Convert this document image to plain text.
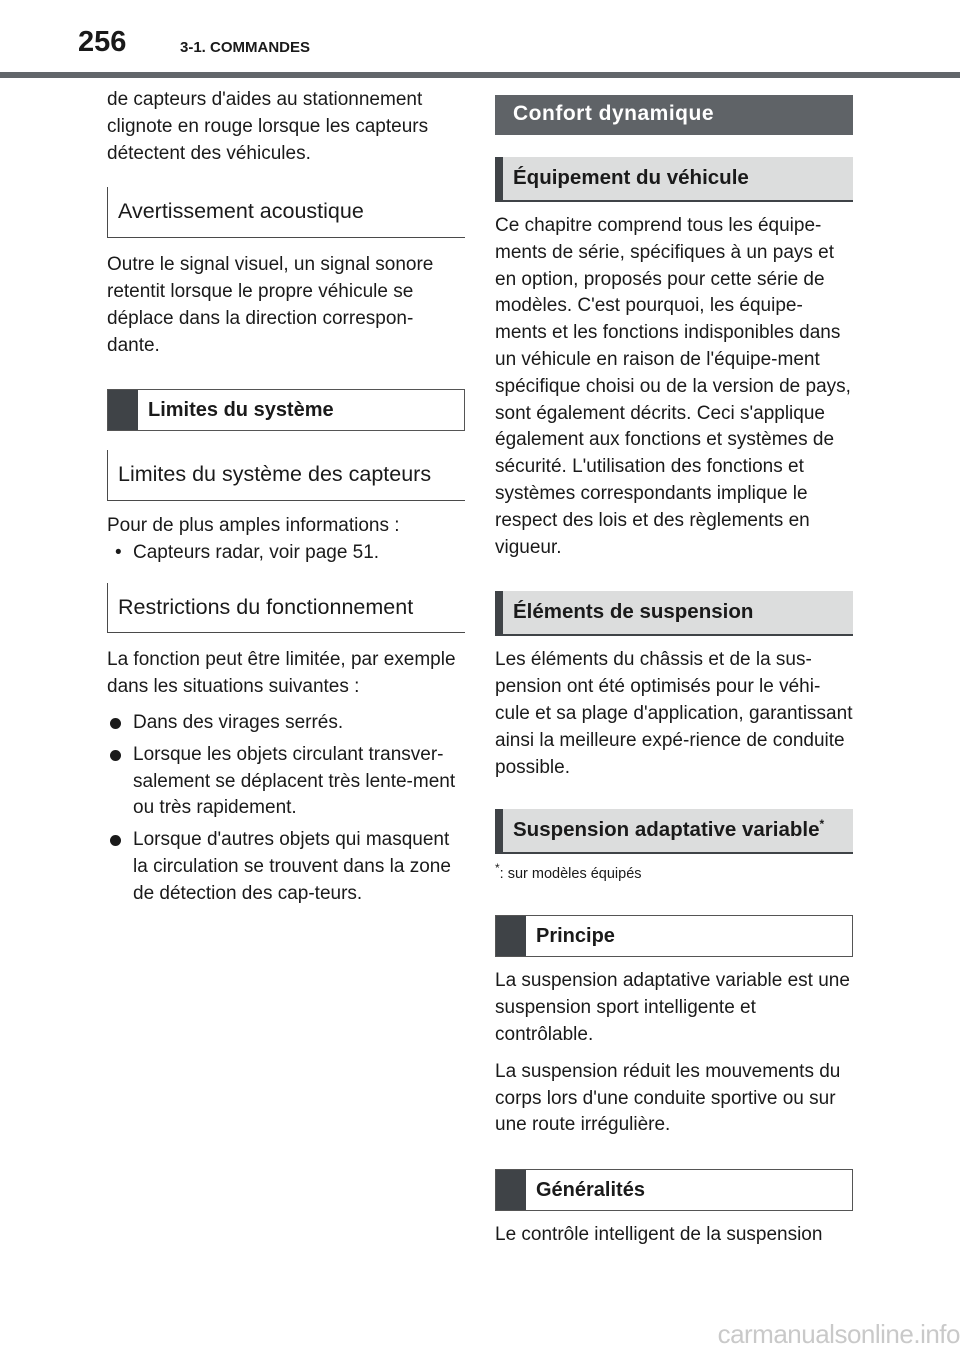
256	3-1. COMMANDES

de capteurs d'aides au stationnement clignote en rouge lorsque les capteurs détectent des véhicules.

Avertissement acoustique

Outre le signal visuel, un signal sonore retentit lorsque le propre véhicule se déplace dans la direction correspon-dante.

Limites du système
Limites du système des capteurs

Pour de plus amples informations :

• Capteurs radar, voir page 51.
Restrictions du fonctionnement

La fonction peut être limitée, par exemple dans les situations suivantes :

Dans des virages serrés.
Lorsque les objets circulant transver-salement se déplacent très lente-ment ou très rapidement.
Lorsque d'autres objets qui masquent la circulation se trouvent dans la zone de détection des cap-teurs.
Confort dynamique
Équipement du véhicule

Ce chapitre comprend tous les équipe-ments de série, spécifiques à un pays et en option, proposés pour cette série de modèles. C'est pourquoi, les équipe-ments et les fonctions indisponibles dans un véhicule en raison de l'équipe-ment spécifique choisi ou de la version de pays, sont également décrits. Ceci s'applique également aux fonctions et systèmes de sécurité. L'utilisation des fonctions et systèmes correspondants implique le respect des lois et des règlements en vigueur.

Éléments de suspension

Les éléments du châssis et de la sus-pension ont été optimisés pour le véhi-cule et sa plage d'application, garantissant ainsi la meilleure expé-rience de conduite possible.

Suspension adaptative variable*
*: sur modèles équipés
Principe

La suspension adaptative variable est une suspension sport intelligente et contrôlable.

La suspension réduit les mouvements du corps lors d'une conduite sportive ou sur une route irrégulière.

Généralités

Le contrôle intelligent de la suspension

carmanualsonline.info
